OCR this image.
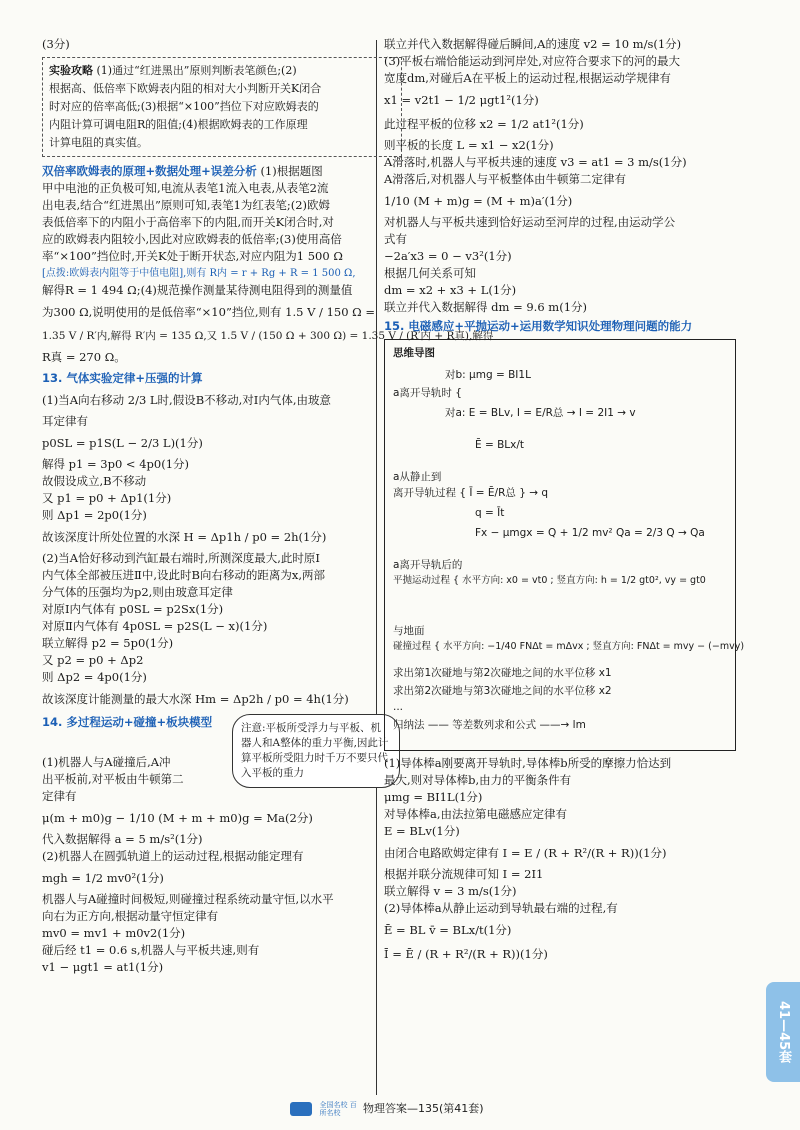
(3分)

实验攻略 (1)通过“红进黑出”原则判断表笔颜色;(2)

根据高、低倍率下欧姆表内阻的相对大小判断开关K闭合

时对应的倍率高低;(3)根据“×100”挡位下对应欧姆表的

内阻计算可调电阻R的阻值;(4)根据欧姆表的工作原理

计算电阻的真实值。

双倍率欧姆表的原理+数据处理+误差分析 (1)根据题图

甲中电池的正负极可知,电流从表笔1流入电表,从表笔2流

出电表,结合“红进黑出”原则可知,表笔1为红表笔;(2)欧姆

表低倍率下的内阻小于高倍率下的内阻,而开关K闭合时,对

应的欧姆表内阻较小,因此对应欧姆表的低倍率;(3)使用高倍

率“×100”挡位时,开关K处于断开状态,对应内阻为1 500 Ω

[点拨:欧姆表内阻等于中值电阻],则有 R内 = r + Rg + R = 1 500 Ω,

解得R = 1 494 Ω;(4)规范操作测量某待测电阻得到的测量值

为300 Ω,说明使用的是低倍率“×10”挡位,则有 1.5 V / 150 Ω =

1.35 V / R′内,解得 R′内 = 135 Ω,又 1.5 V / (150 Ω + 300 Ω) = 1.35 V / (R′内 + R真),解得

R真 = 270 Ω。

13. 气体实验定律+压强的计算

(1)当A向右移动 2/3 L时,假设B不移动,对Ⅰ内气体,由玻意

耳定律有

p0SL = p1S(L − 2/3 L)(1分)

解得 p1 = 3p0 < 4p0(1分)

故假设成立,B不移动

又 p1 = p0 + Δp1(1分)

则 Δp1 = 2p0(1分)

故该深度计所处位置的水深 H = Δp1h / p0 = 2h(1分)

(2)当A恰好移动到汽缸最右端时,所测深度最大,此时原Ⅰ

内气体全部被压进Ⅱ中,设此时B向右移动的距离为x,两部

分气体的压强均为p2,则由玻意耳定律

对原Ⅰ内气体有 p0SL = p2Sx(1分)

对原Ⅱ内气体有 4p0SL = p2S(L − x)(1分)

联立解得 p2 = 5p0(1分)

又 p2 = p0 + Δp2

则 Δp2 = 4p0(1分)

故该深度计能测量的最大水深 Hm = Δp2h / p0 = 4h(1分)

14. 多过程运动+碰撞+板块模型	注意:平板所受浮力与平板、机器人和A整体的重力平衡,因此计算平板所受阻力时千万不要只代入平板的重力

(1)机器人与A碰撞后,A冲

出平板前,对平板由牛顿第二

定律有

μ(m + m0)g − 1/10 (M + m + m0)g = Ma(2分)

代入数据解得 a = 5 m/s²(1分)

(2)机器人在圆弧轨道上的运动过程,根据动能定理有

mgh = 1/2 mv0²(1分)

机器人与A碰撞时间极短,则碰撞过程系统动量守恒,以水平

向右为正方向,根据动量守恒定律有

mv0 = mv1 + m0v2(1分)

碰后经 t1 = 0.6 s,机器人与平板共速,则有

v1 − μgt1 = at1(1分)

联立并代入数据解得碰后瞬间,A的速度 v2 = 10 m/s(1分)

(3)平板右端恰能运动到河岸处,对应符合要求下的河的最大

宽度dm,对碰后A在平板上的运动过程,根据运动学规律有

x1 = v2t1 − 1/2 μgt1²(1分)

此过程平板的位移 x2 = 1/2 at1²(1分)

则平板的长度 L = x1 − x2(1分)

A滑落时,机器人与平板共速的速度 v3 = at1 = 3 m/s(1分)

A滑落后,对机器人与平板整体由牛顿第二定律有

1/10 (M + m)g = (M + m)a′(1分)

对机器人与平板共速到恰好运动至河岸的过程,由运动学公

式有

−2a′x3 = 0 − v3²(1分)

根据几何关系可知

dm = x2 + x3 + L(1分)

联立并代入数据解得 dm = 9.6 m(1分)

15. 电磁感应+平抛运动+运用数学知识处理物理问题的能力

思维导图
对b: μmg = BI1L
a离开导轨时 {
对a: E = BLv, I = E/R总 → I = 2I1 → v
Ē = BLx/t
a从静止到
离开导轨过程 { Ī = Ē/R总 } → q
q = Īt
Fx − μmgx = Q + 1/2 mv² Qa = 2/3 Q → Qa
a离开导轨后的
平抛运动过程 { 水平方向: x0 = vt0 ; 竖直方向: h = 1/2 gt0², vy = gt0
与地面
碰撞过程 { 水平方向: −1/40 FNΔt = mΔvx ; 竖直方向: FNΔt = mvy − (−mvy)
求出第1次碰地与第2次碰地之间的水平位移 x1
求出第2次碰地与第3次碰地之间的水平位移 x2
...
归纳法 —— 等差数列求和公式 ——→ lm

(1)导体棒a刚要离开导轨时,导体棒b所受的摩擦力恰达到

最大,则对导体棒b,由力的平衡条件有

μmg = BI1L(1分)

对导体棒a,由法拉第电磁感应定律有

E = BLv(1分)

由闭合电路欧姆定律有 I = E / (R + R²/(R + R))(1分)

根据并联分流规律可知 I = 2I1

联立解得 v = 3 m/s(1分)

(2)导体棒a从静止运动到导轨最右端的过程,有

Ē = BL v̄ = BLx/t(1分)

Ī = Ē / (R + R²/(R + R))(1分)

41—45套
全国名校 百所名校 物理答案—135(第41套)
